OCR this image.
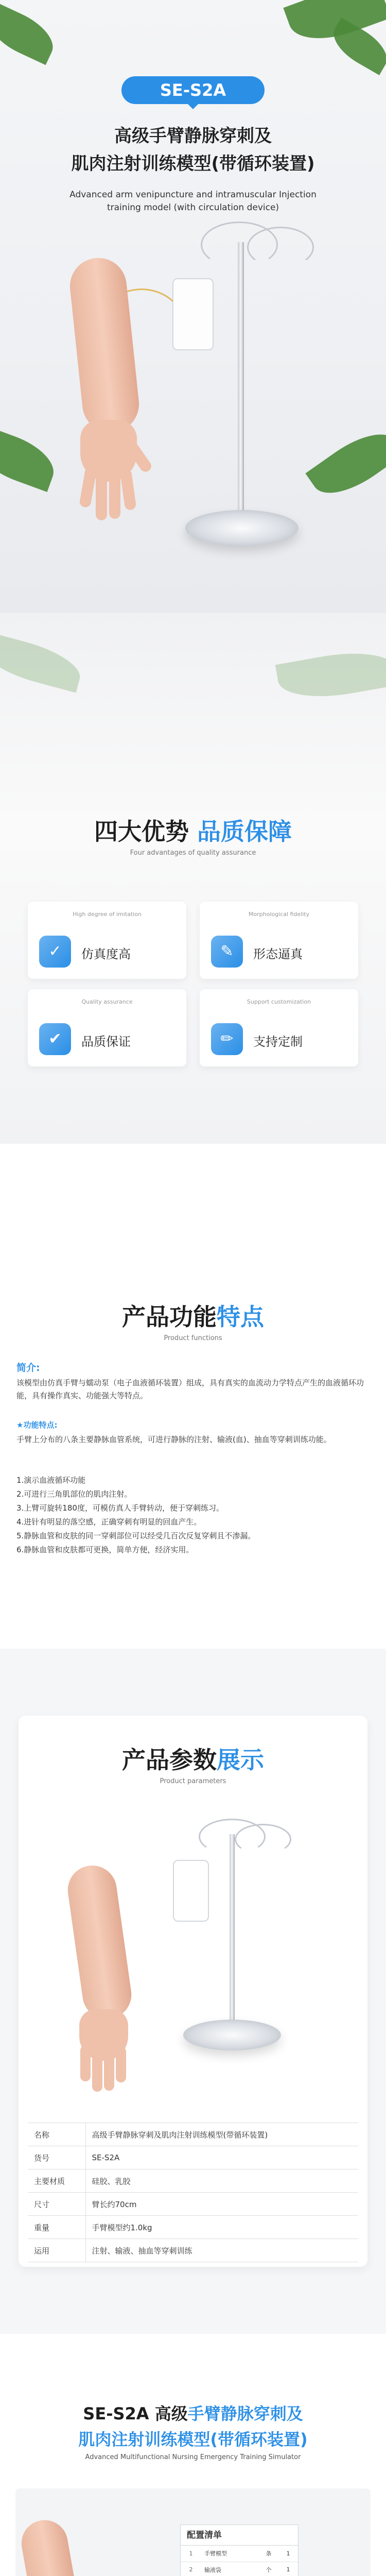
SE-S2A
高级手臂静脉穿刺及
肌肉注射训练模型(带循环装置)

Advanced arm venipuncture and intramuscular Injection training model (with circulation device)

四大优势 品质保障

Four advantages of quality assurance

High degree of imitation
✓	仿真度高
Morphological fidelity
✎	形态逼真
Quality assurance
✔	品质保证
Support customization
✏	支持定制
产品功能特点

Product functions

简介:

该模型由仿真手臂与蠕动泵（电子血液循环装置）组成，具有真实的血流动力学特点产生的血液循环功能，具有操作真实、功能强大等特点。

★功能特点:

手臂上分布的八条主要静脉血管系统，可进行静脉的注射、输液(血)、抽血等穿刺训练功能。

1.演示血液循环功能
2.可进行三角肌部位的肌肉注射。
3.上臂可旋转180度，可模仿真人手臂转动，便于穿刺练习。
4.进针有明显的落空感，正确穿刺有明显的回血产生。
5.静脉血管和皮肤的同一穿刺部位可以经受几百次反复穿刺且不渗漏。
6.静脉血管和皮肤都可更换，简单方便，经济实用。
产品参数展示

Product parameters

名称	高级手臂静脉穿刺及肌肉注射训练模型(带循环装置)
货号	SE-S2A
主要材质	硅胶、乳胶
尺寸	臂长约70cm
重量	手臂模型约1.0kg
运用	注射、输液、抽血等穿刺训练
SE-S2A 高级手臂静脉穿刺及
肌肉注射训练模型(带循环装置)

Advanced Multifunctional Nursing Emergency Training Simulator

配置清单
1	手臂模型	条	1
2	输液袋	个	1
